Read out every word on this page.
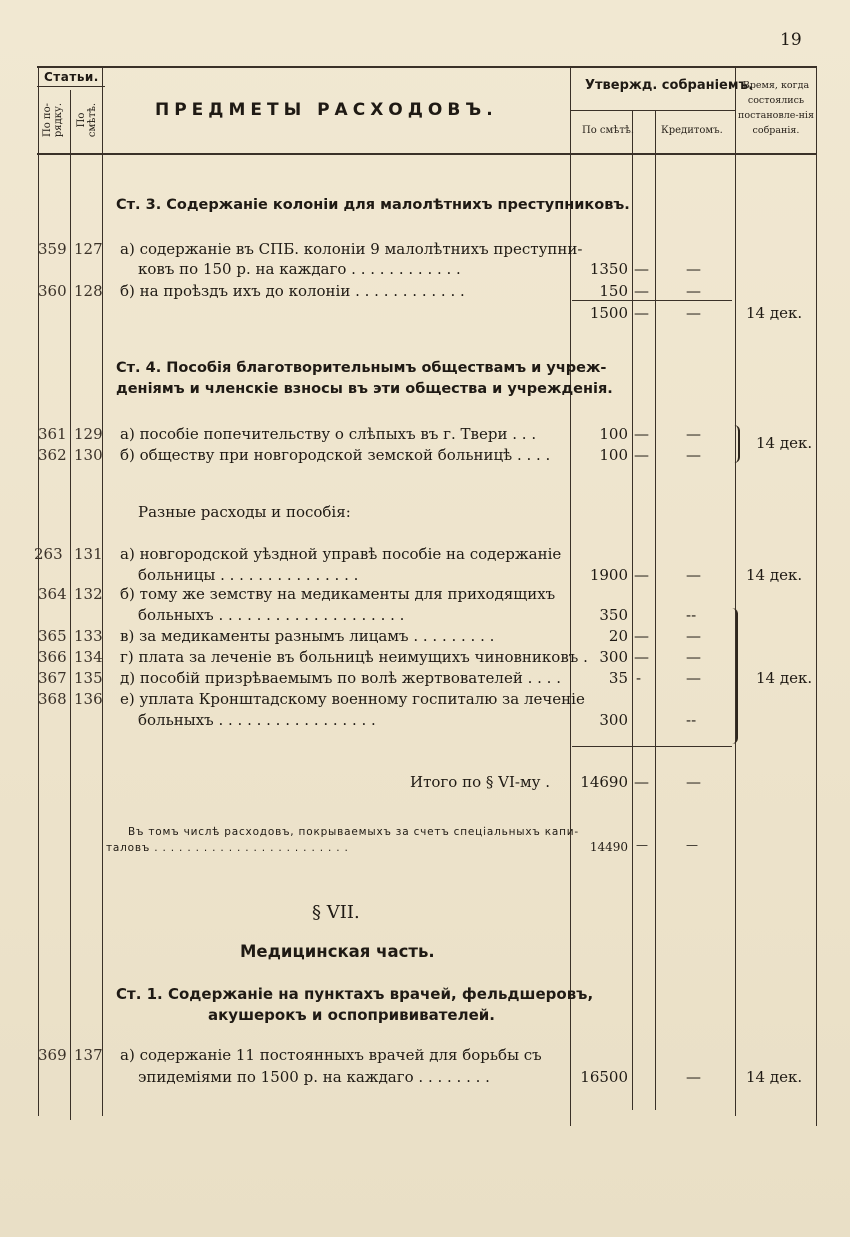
19
Статьи.
По по-
рядку. По
смѣтѣ.	ПРЕДМЕТЫ РАСХОДОВЪ.
Утвержд. собраніемъ.
По смѣтѣ.	Кредитомъ.
Время, когда состоялись постановле-нія собранія.
Ст. 3. Содержаніе колоніи для малолѣтнихъ преступниковъ.
359 127 а) содержаніе въ СПБ. колоніи 9 малолѣтнихъ преступни-
ковъ по 150 р. на каждаго . . . . . . . . . . . .	1350 — —
360 128 б) на проѣздъ ихъ до колоніи . . . . . . . . . . . .	150 — —
1500 — —	14 дек.
Ст. 4. Пособія благотворительнымъ обществамъ и учреж-
деніямъ и членскіе взносы въ эти общества и учрежденія.
361 129 а) пособіе попечительству о слѣпыхъ въ г. Твери . . .	100 — —
362 130 б) обществу при новгородской земской больницѣ . . . .	100 — —
14 дек.
Разные расходы и пособія:
263 131 а) новгородской уѣздной управѣ пособіе на содержаніе
больницы . . . . . . . . . . . . . . .	1900 — —	14 дек.
364 132 б) тому же земству на медикаменты для приходящихъ
больныхъ . . . . . . . . . . . . . . . . . . . .	350	--
365 133 в) за медикаменты разнымъ лицамъ . . . . . . . . .	20 — —
366 134 г) плата за леченіе въ больницѣ неимущихъ чиновниковъ . 300 — —
367 135 д) пособій призрѣваемымъ по волѣ жертвователей . . . .	35 -	—
368 136 е) уплата Кронштадскому военному госпиталю за леченіе
больныхъ . . . . . . . . . . . . . . . . .	300	--
14 дек.
Итого по § VІ-му .	14690 — —
Въ томъ числѣ расходовъ, покрываемыхъ за счетъ спеціальныхъ капи-
таловъ . . . . . . . . . . . . . . . . . . . . . . . .	14490 —	—
§ VII.
Медицинская часть.
Ст. 1. Содержаніе на пунктахъ врачей, фельдшеровъ,
акушерокъ и оспопрививателей.
369 137 а) содержаніе 11 постоянныхъ врачей для борьбы съ
эпидеміями по 1500 р. на каждаго . . . . . . . .	16500	—	14 дек.
